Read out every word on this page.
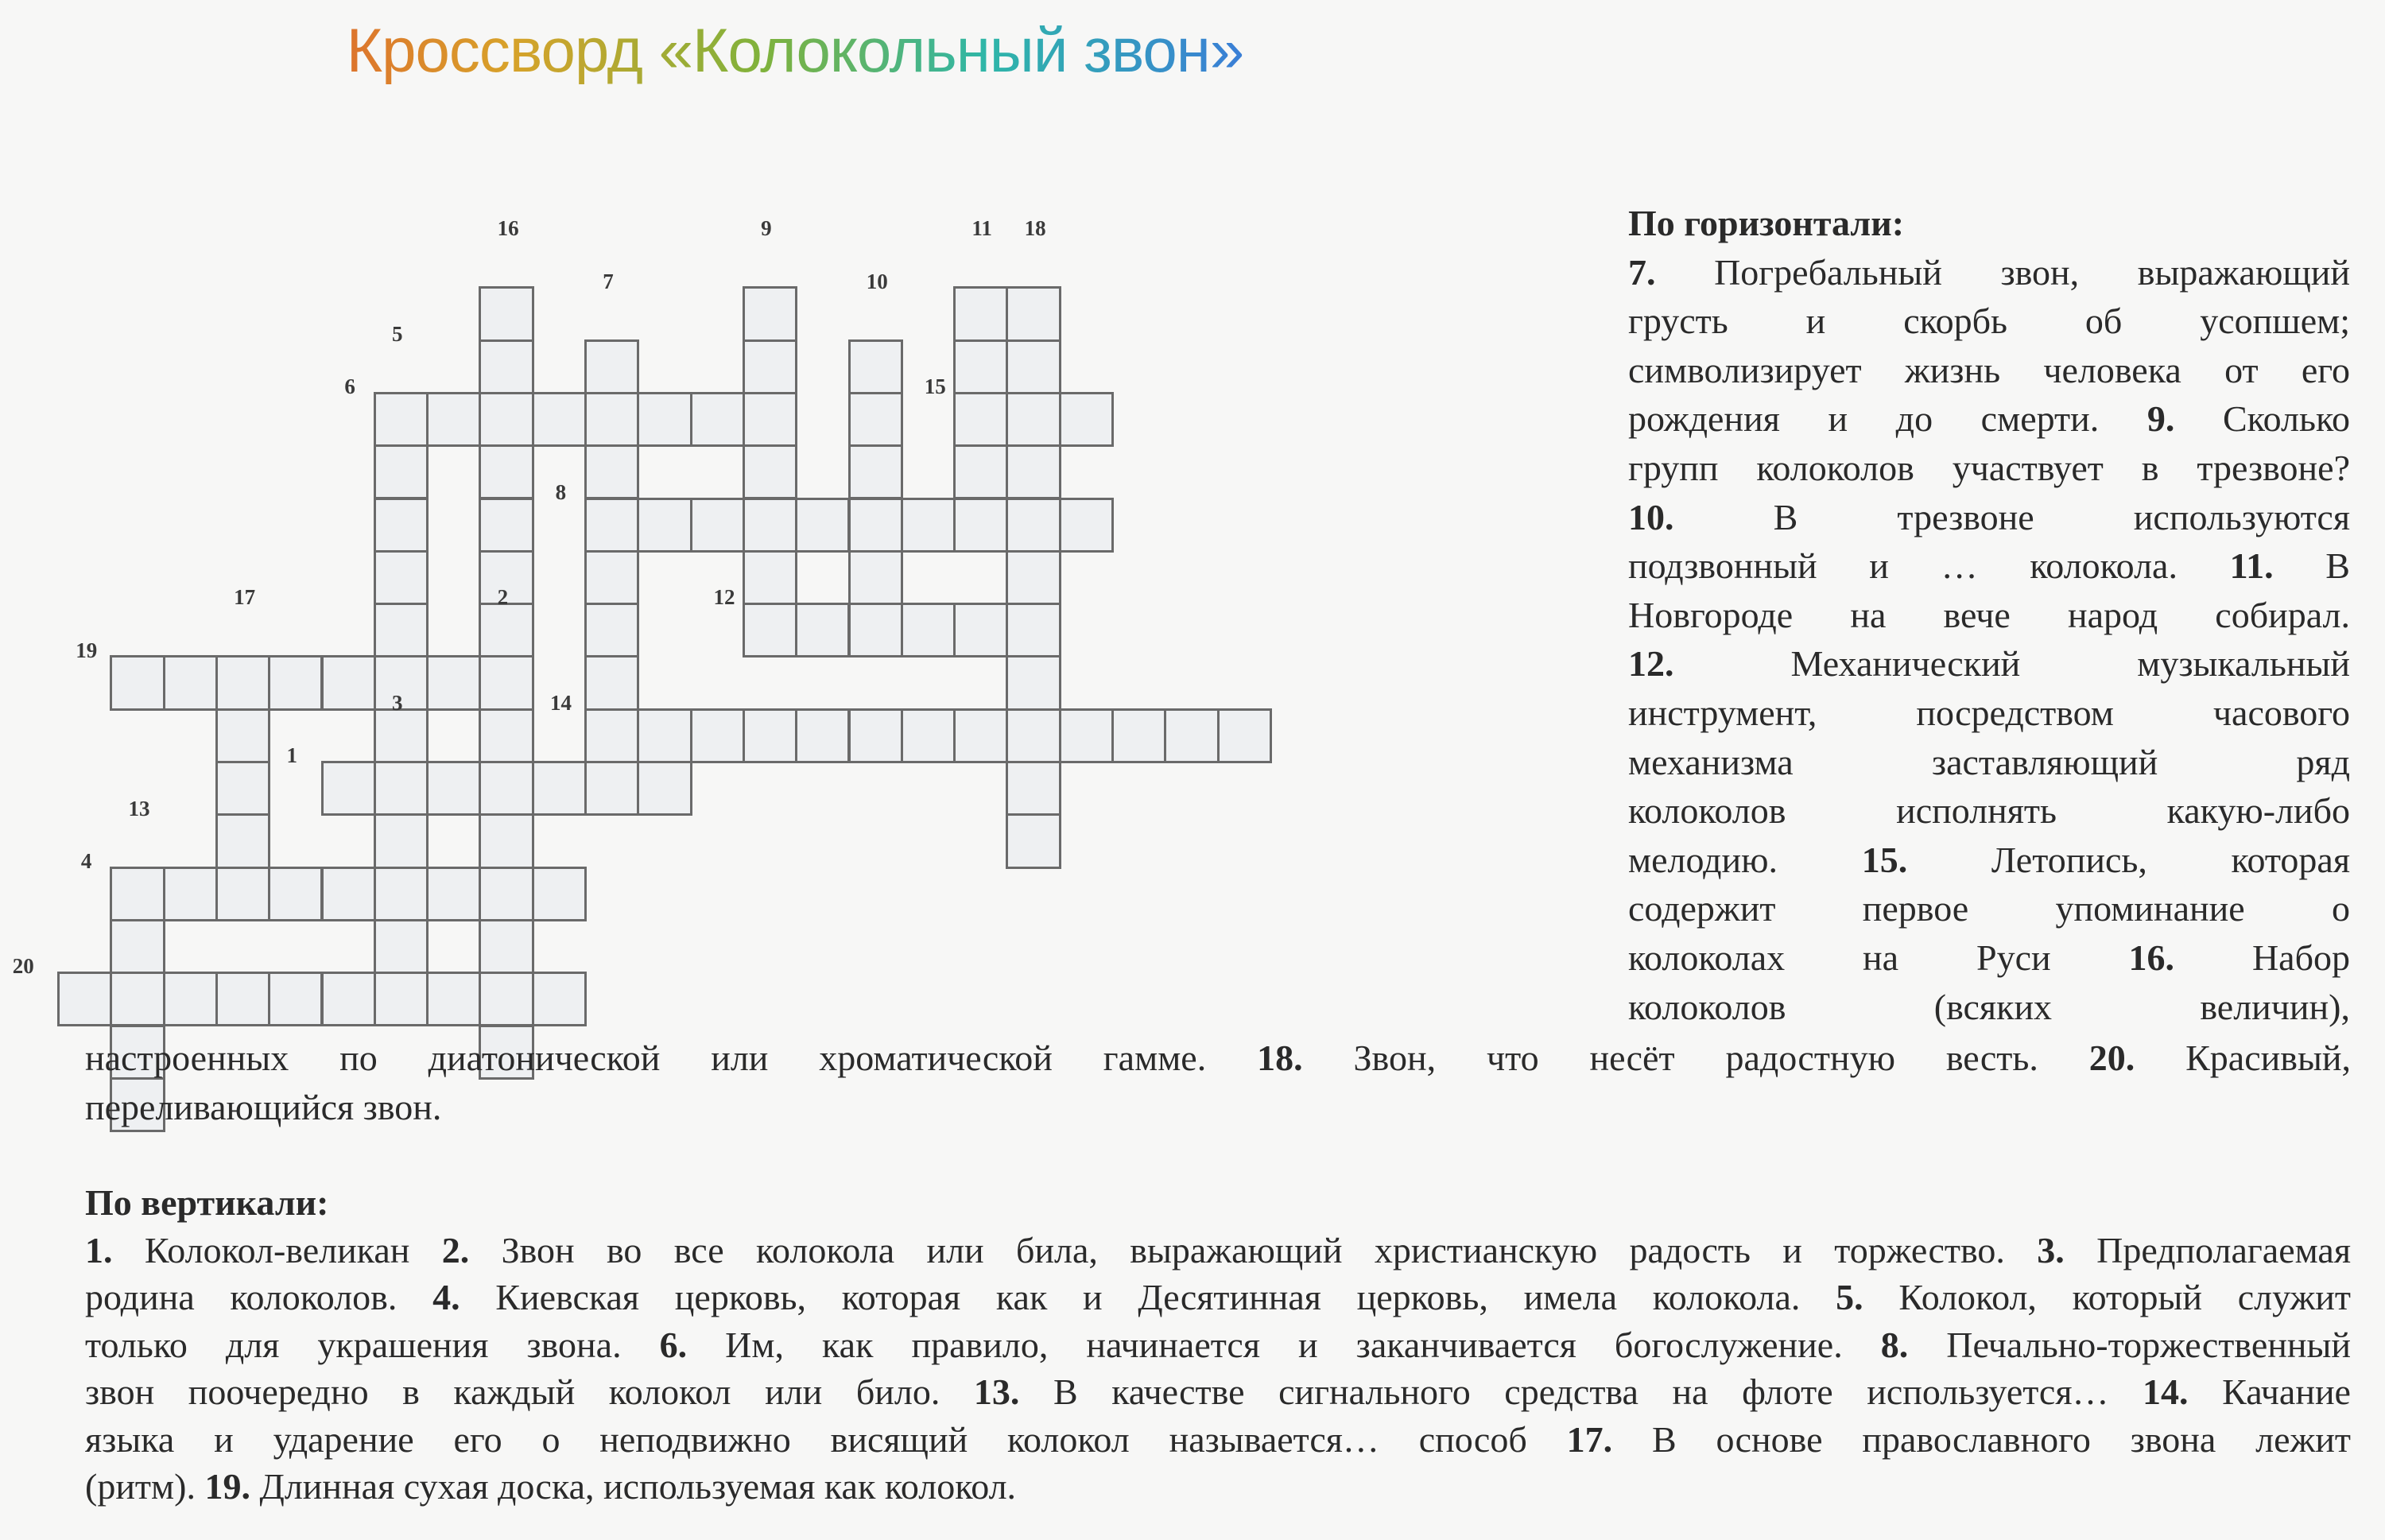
Кроссворд «Колокольный звон»
1
2
3
4
5
6
7
8
9
10
11
12
13
14
15
16
17
18
19
20
По горизонтали:
7. Погребальный звон, выражающий
грусть и скорбь об усопшем;
символизирует жизнь человека от его
рождения и до смерти. 9. Сколько
групп колоколов участвует в трезвоне?
10. В трезвоне используются
подзвонный и … колокола. 11. В
Новгороде на вече народ собирал.
12. Механический музыкальный
инструмент, посредством часового
механизма заставляющий ряд
колоколов исполнять какую-либо
мелодию. 15. Летопись, которая
содержит первое упоминание о
колоколах на Руси 16. Набор
колоколов (всяких величин),
настроенных по диатонической или хроматической гамме. 18. Звон, что несёт радостную весть. 20. Красивый,
переливающийся звон.
По вертикали:
1. Колокол-великан 2. Звон во все колокола или била, выражающий христианскую радость и торжество. 3. Предполагаемая
родина колоколов. 4. Киевская церковь, которая как и Десятинная церковь, имела колокола. 5. Колокол, который служит
только для украшения звона. 6. Им, как правило, начинается и заканчивается богослужение. 8. Печально-торжественный
звон поочередно в каждый колокол или било. 13. В качестве сигнального средства на флоте используется… 14. Качание
языка и ударение его о неподвижно висящий колокол называется… способ 17. В основе православного звона лежит
(ритм). 19. Длинная сухая доска, используемая как колокол.
